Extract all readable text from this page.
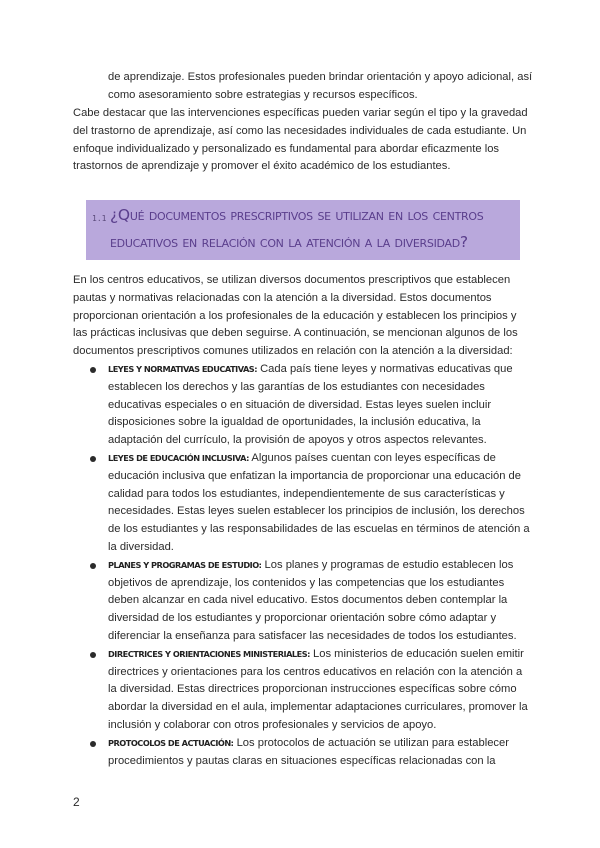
de aprendizaje. Estos profesionales pueden brindar orientación y apoyo adicional, así como asesoramiento sobre estrategias y recursos específicos.
Cabe destacar que las intervenciones específicas pueden variar según el tipo y la gravedad del trastorno de aprendizaje, así como las necesidades individuales de cada estudiante. Un enfoque individualizado y personalizado es fundamental para abordar eficazmente los trastornos de aprendizaje y promover el éxito académico de los estudiantes.
1.1 ¿Qué documentos prescriptivos se utilizan en los centros educativos en relación con la atención a la diversidad?
En los centros educativos, se utilizan diversos documentos prescriptivos que establecen pautas y normativas relacionadas con la atención a la diversidad. Estos documentos proporcionan orientación a los profesionales de la educación y establecen los principios y las prácticas inclusivas que deben seguirse. A continuación, se mencionan algunos de los documentos prescriptivos comunes utilizados en relación con la atención a la diversidad:
LEYES Y NORMATIVAS EDUCATIVAS: Cada país tiene leyes y normativas educativas que establecen los derechos y las garantías de los estudiantes con necesidades educativas especiales o en situación de diversidad. Estas leyes suelen incluir disposiciones sobre la igualdad de oportunidades, la inclusión educativa, la adaptación del currículo, la provisión de apoyos y otros aspectos relevantes.
LEYES DE EDUCACIÓN INCLUSIVA: Algunos países cuentan con leyes específicas de educación inclusiva que enfatizan la importancia de proporcionar una educación de calidad para todos los estudiantes, independientemente de sus características y necesidades. Estas leyes suelen establecer los principios de inclusión, los derechos de los estudiantes y las responsabilidades de las escuelas en términos de atención a la diversidad.
PLANES Y PROGRAMAS DE ESTUDIO: Los planes y programas de estudio establecen los objetivos de aprendizaje, los contenidos y las competencias que los estudiantes deben alcanzar en cada nivel educativo. Estos documentos deben contemplar la diversidad de los estudiantes y proporcionar orientación sobre cómo adaptar y diferenciar la enseñanza para satisfacer las necesidades de todos los estudiantes.
DIRECTRICES Y ORIENTACIONES MINISTERIALES: Los ministerios de educación suelen emitir directrices y orientaciones para los centros educativos en relación con la atención a la diversidad. Estas directrices proporcionan instrucciones específicas sobre cómo abordar la diversidad en el aula, implementar adaptaciones curriculares, promover la inclusión y colaborar con otros profesionales y servicios de apoyo.
PROTOCOLOS DE ACTUACIÓN: Los protocolos de actuación se utilizan para establecer procedimientos y pautas claras en situaciones específicas relacionadas con la
2
